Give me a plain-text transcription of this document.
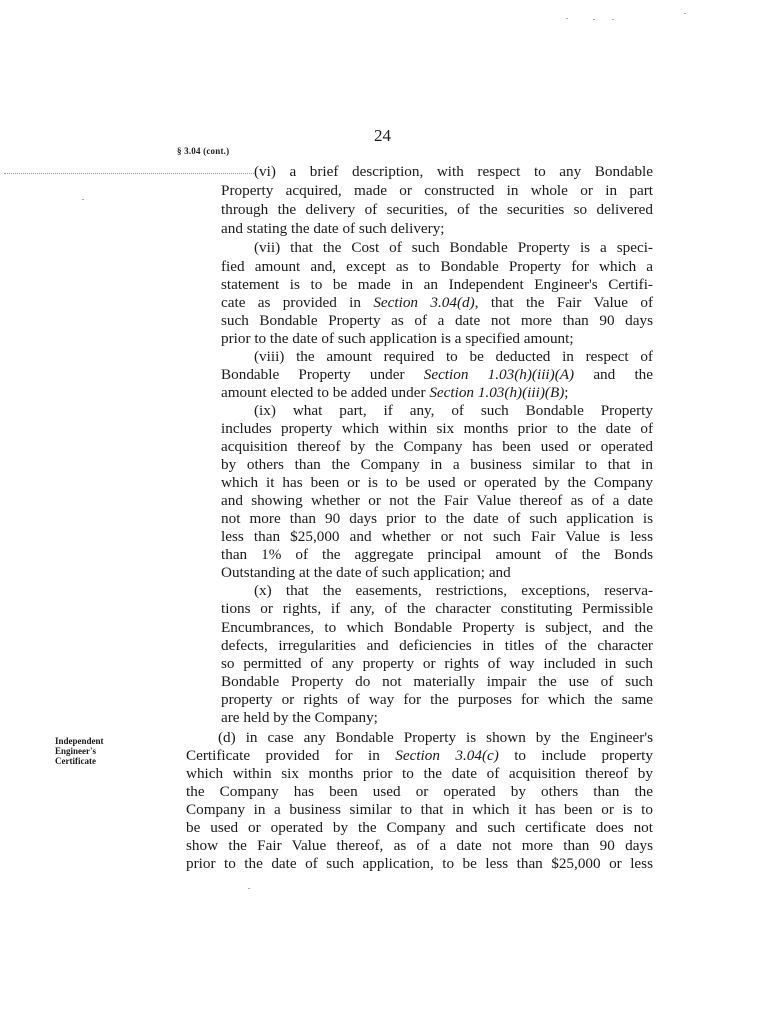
24
§ 3.04 (cont.)
Independent
Engineer's
Certificate
(vi) a brief description, with respect to any Bondable
Property acquired, made or constructed in whole or in part
through the delivery of securities, of the securities so delivered
and stating the date of such delivery;
(vii) that the Cost of such Bondable Property is a speci-
fied amount and, except as to Bondable Property for which a
statement is to be made in an Independent Engineer's Certifi-
cate as provided in Section 3.04(d), that the Fair Value of
such Bondable Property as of a date not more than 90 days
prior to the date of such application is a specified amount;
(viii) the amount required to be deducted in respect of
Bondable Property under Section 1.03(h)(iii)(A) and the
amount elected to be added under Section 1.03(h)(iii)(B);
(ix) what part, if any, of such Bondable Property
includes property which within six months prior to the date of
acquisition thereof by the Company has been used or operated
by others than the Company in a business similar to that in
which it has been or is to be used or operated by the Company
and showing whether or not the Fair Value thereof as of a date
not more than 90 days prior to the date of such application is
less than $25,000 and whether or not such Fair Value is less
than 1% of the aggregate principal amount of the Bonds
Outstanding at the date of such application; and
(x) that the easements, restrictions, exceptions, reserva-
tions or rights, if any, of the character constituting Permissible
Encumbrances, to which Bondable Property is subject, and the
defects, irregularities and deficiencies in titles of the character
so permitted of any property or rights of way included in such
Bondable Property do not materially impair the use of such
property or rights of way for the purposes for which the same
are held by the Company;
(d) in case any Bondable Property is shown by the Engineer's
Certificate provided for in Section 3.04(c) to include property
which within six months prior to the date of acquisition thereof by
the Company has been used or operated by others than the
Company in a business similar to that in which it has been or is to
be used or operated by the Company and such certificate does not
show the Fair Value thereof, as of a date not more than 90 days
prior to the date of such application, to be less than $25,000 or less
